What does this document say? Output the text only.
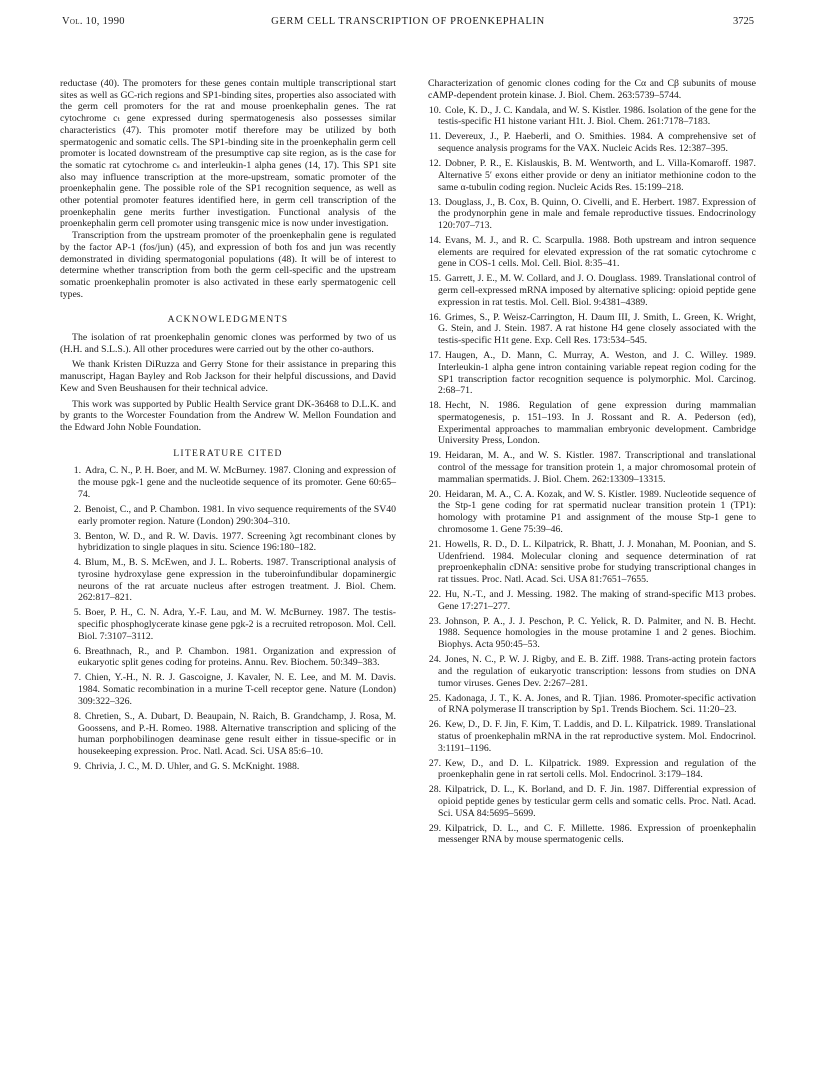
Vol. 10, 1990	GERM CELL TRANSCRIPTION OF PROENKEPHALIN	3725

reductase (40). The promoters for these genes contain multiple transcriptional start sites as well as GC-rich regions and SP1-binding sites, properties also associated with the germ cell promoters for the rat and mouse proenkephalin genes. The rat cytochrome cₜ gene expressed during spermatogenesis also possesses similar characteristics (47). This promoter motif therefore may be utilized by both spermatogenic and somatic cells. The SP1-binding site in the proenkephalin germ cell promoter is located downstream of the presumptive cap site region, as is the case for the somatic rat cytochrome cₛ and interleukin-1 alpha genes (14, 17). This SP1 site also may influence transcription at the more-upstream, somatic promoter of the proenkephalin gene. The possible role of the SP1 recognition sequence, as well as other potential promoter features identified here, in germ cell transcription of the proenkephalin gene merits further investigation. Functional analysis of the proenkephalin germ cell promoter using transgenic mice is now under investigation.

Transcription from the upstream promoter of the proenkephalin gene is regulated by the factor AP-1 (fos/jun) (45), and expression of both fos and jun was recently demonstrated in dividing spermatogonial populations (48). It will be of interest to determine whether transcription from both the germ cell-specific and the upstream somatic proenkephalin promoter is also activated in these early spermatogenic cell types.

ACKNOWLEDGMENTS

The isolation of rat proenkephalin genomic clones was performed by two of us (H.H. and S.L.S.). All other procedures were carried out by the other co-authors.

We thank Kristen DiRuzza and Gerry Stone for their assistance in preparing this manuscript, Hagan Bayley and Rob Jackson for their helpful discussions, and David Kew and Sven Beushausen for their technical advice.

This work was supported by Public Health Service grant DK-36468 to D.L.K. and by grants to the Worcester Foundation from the Andrew W. Mellon Foundation and the Edward John Noble Foundation.

LITERATURE CITED
1. Adra, C. N., P. H. Boer, and M. W. McBurney. 1987. Cloning and expression of the mouse pgk-1 gene and the nucleotide sequence of its promoter. Gene 60:65–74.
2. Benoist, C., and P. Chambon. 1981. In vivo sequence requirements of the SV40 early promoter region. Nature (London) 290:304–310.
3. Benton, W. D., and R. W. Davis. 1977. Screening λgt recombinant clones by hybridization to single plaques in situ. Science 196:180–182.
4. Blum, M., B. S. McEwen, and J. L. Roberts. 1987. Transcriptional analysis of tyrosine hydroxylase gene expression in the tuberoinfundibular dopaminergic neurons of the rat arcuate nucleus after estrogen treatment. J. Biol. Chem. 262:817–821.
5. Boer, P. H., C. N. Adra, Y.-F. Lau, and M. W. McBurney. 1987. The testis-specific phosphoglycerate kinase gene pgk-2 is a recruited retroposon. Mol. Cell. Biol. 7:3107–3112.
6. Breathnach, R., and P. Chambon. 1981. Organization and expression of eukaryotic split genes coding for proteins. Annu. Rev. Biochem. 50:349–383.
7. Chien, Y.-H., N. R. J. Gascoigne, J. Kavaler, N. E. Lee, and M. M. Davis. 1984. Somatic recombination in a murine T-cell receptor gene. Nature (London) 309:322–326.
8. Chretien, S., A. Dubart, D. Beaupain, N. Raich, B. Grandchamp, J. Rosa, M. Goossens, and P.-H. Romeo. 1988. Alternative transcription and splicing of the human porphobilinogen deaminase gene result either in tissue-specific or in housekeeping expression. Proc. Natl. Acad. Sci. USA 85:6–10.
9. Chrivia, J. C., M. D. Uhler, and G. S. McKnight. 1988.
Characterization of genomic clones coding for the Cα and Cβ subunits of mouse cAMP-dependent protein kinase. J. Biol. Chem. 263:5739–5744.
10. Cole, K. D., J. C. Kandala, and W. S. Kistler. 1986. Isolation of the gene for the testis-specific H1 histone variant H1t. J. Biol. Chem. 261:7178–7183.
11. Devereux, J., P. Haeberli, and O. Smithies. 1984. A comprehensive set of sequence analysis programs for the VAX. Nucleic Acids Res. 12:387–395.
12. Dobner, P. R., E. Kislauskis, B. M. Wentworth, and L. Villa-Komaroff. 1987. Alternative 5′ exons either provide or deny an initiator methionine codon to the same α-tubulin coding region. Nucleic Acids Res. 15:199–218.
13. Douglass, J., B. Cox, B. Quinn, O. Civelli, and E. Herbert. 1987. Expression of the prodynorphin gene in male and female reproductive tissues. Endocrinology 120:707–713.
14. Evans, M. J., and R. C. Scarpulla. 1988. Both upstream and intron sequence elements are required for elevated expression of the rat somatic cytochrome c gene in COS-1 cells. Mol. Cell. Biol. 8:35–41.
15. Garrett, J. E., M. W. Collard, and J. O. Douglass. 1989. Translational control of germ cell-expressed mRNA imposed by alternative splicing: opioid peptide gene expression in rat testis. Mol. Cell. Biol. 9:4381–4389.
16. Grimes, S., P. Weisz-Carrington, H. Daum III, J. Smith, L. Green, K. Wright, G. Stein, and J. Stein. 1987. A rat histone H4 gene closely associated with the testis-specific H1t gene. Exp. Cell Res. 173:534–545.
17. Haugen, A., D. Mann, C. Murray, A. Weston, and J. C. Willey. 1989. Interleukin-1 alpha gene intron containing variable repeat region coding for the SP1 transcription factor recognition sequence is polymorphic. Mol. Carcinog. 2:68–71.
18. Hecht, N. 1986. Regulation of gene expression during mammalian spermatogenesis, p. 151–193. In J. Rossant and R. A. Pederson (ed), Experimental approaches to mammalian embryonic development. Cambridge University Press, London.
19. Heidaran, M. A., and W. S. Kistler. 1987. Transcriptional and translational control of the message for transition protein 1, a major chromosomal protein of mammalian spermatids. J. Biol. Chem. 262:13309–13315.
20. Heidaran, M. A., C. A. Kozak, and W. S. Kistler. 1989. Nucleotide sequence of the Stp-1 gene coding for rat spermatid nuclear transition protein 1 (TP1): homology with protamine P1 and assignment of the mouse Stp-1 gene to chromosome 1. Gene 75:39–46.
21. Howells, R. D., D. L. Kilpatrick, R. Bhatt, J. J. Monahan, M. Poonian, and S. Udenfriend. 1984. Molecular cloning and sequence determination of rat preproenkephalin cDNA: sensitive probe for studying transcriptional changes in rat tissues. Proc. Natl. Acad. Sci. USA 81:7651–7655.
22. Hu, N.-T., and J. Messing. 1982. The making of strand-specific M13 probes. Gene 17:271–277.
23. Johnson, P. A., J. J. Peschon, P. C. Yelick, R. D. Palmiter, and N. B. Hecht. 1988. Sequence homologies in the mouse protamine 1 and 2 genes. Biochim. Biophys. Acta 950:45–53.
24. Jones, N. C., P. W. J. Rigby, and E. B. Ziff. 1988. Trans-acting protein factors and the regulation of eukaryotic transcription: lessons from studies on DNA tumor viruses. Genes Dev. 2:267–281.
25. Kadonaga, J. T., K. A. Jones, and R. Tjian. 1986. Promoter-specific activation of RNA polymerase II transcription by Sp1. Trends Biochem. Sci. 11:20–23.
26. Kew, D., D. F. Jin, F. Kim, T. Laddis, and D. L. Kilpatrick. 1989. Translational status of proenkephalin mRNA in the rat reproductive system. Mol. Endocrinol. 3:1191–1196.
27. Kew, D., and D. L. Kilpatrick. 1989. Expression and regulation of the proenkephalin gene in rat sertoli cells. Mol. Endocrinol. 3:179–184.
28. Kilpatrick, D. L., K. Borland, and D. F. Jin. 1987. Differential expression of opioid peptide genes by testicular germ cells and somatic cells. Proc. Natl. Acad. Sci. USA 84:5695–5699.
29. Kilpatrick, D. L., and C. F. Millette. 1986. Expression of proenkephalin messenger RNA by mouse spermatogenic cells.
